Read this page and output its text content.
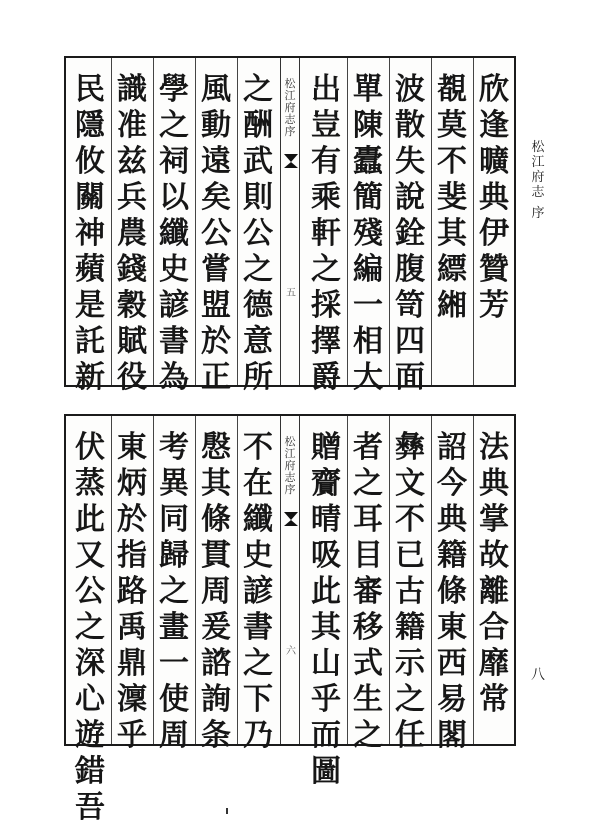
松江府志
序
八
松江府志序
五
欣
逢
曠
典
伊
贊
芳
覩
莫
不
斐
其
縹
緗
波
散
失
說
銓
腹
笥
四
面
單
陳
蠹
簡
殘
編
一
相
大
出
豈
有
乘
軒
之
採
擇
爵
之
酬
武
則
公
之
德
意
所
風
動
遠
矣
公
嘗
盟
於
正
學
之
祠
以
纖
史
諺
書
為
識
准
兹
兵
農
錢
穀
賦
役
民
隱
攸
關
神
蘋
是
託
新
松江府志序
六
法
典
掌
故
離
合
靡
常
詔
今
典
籍
條
東
西
易
閣
彝
文
不
已
古
籍
示
之
任
者
之
耳
目
審
移
式
生
之
贈
齎
晴
吸
此
其
山
乎
而
圖
不
在
纖
史
諺
書
之
下
乃
慇
其
條
貫
周
爰
諮
詢
条
考
異
同
歸
之
畫
一
使
周
東
炳
於
指
路
禹
鼎
澟
乎
伏
蒸
此
又
公
之
深
心
遊
錯
吾
